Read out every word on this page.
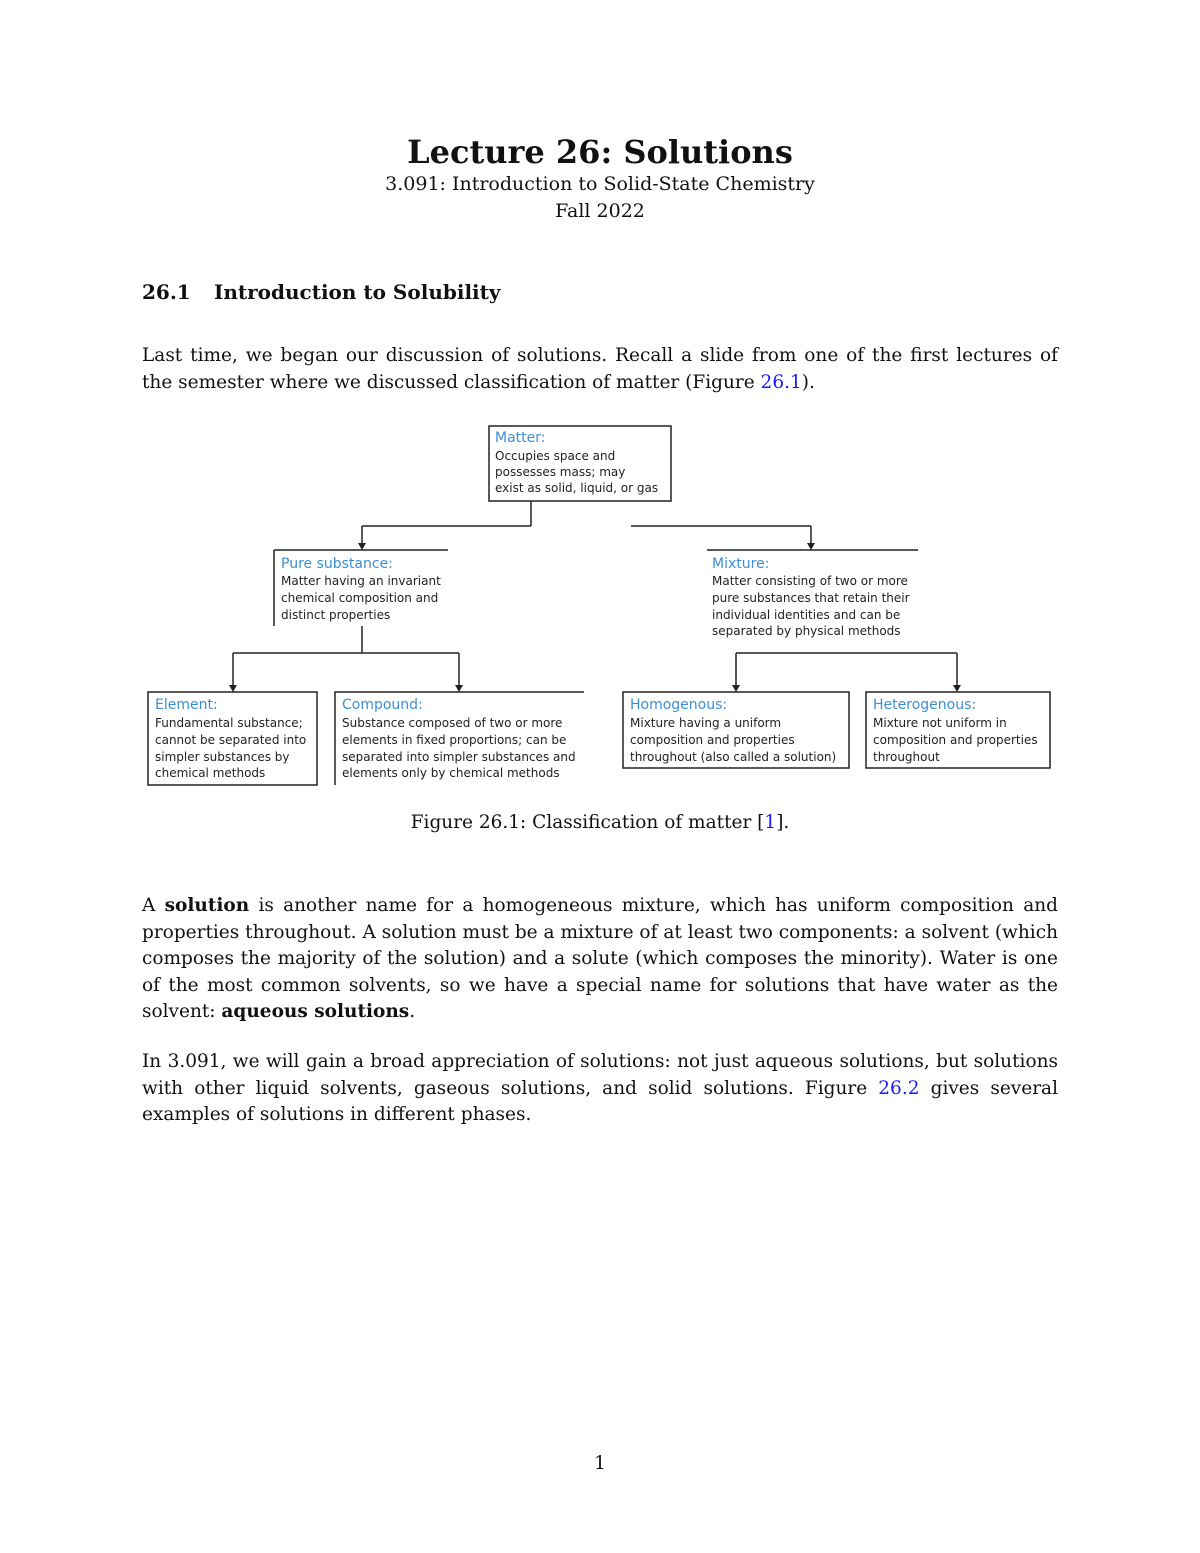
Lecture 26: Solutions
3.091: Introduction to Solid-State Chemistry
Fall 2022
26.1 Introduction to Solubility
Last time, we began our discussion of solutions. Recall a slide from one of the first lectures of the semester where we discussed classification of matter (Figure 26.1).
Matter:
Occupies space and
possesses mass; may
exist as solid, liquid, or gas
Pure substance:
Matter having an invariant
chemical composition and
distinct properties
Mixture:
Matter consisting of two or more
pure substances that retain their
individual identities and can be
separated by physical methods
Element:
Fundamental substance;
cannot be separated into
simpler substances by
chemical methods
Compound:
Substance composed of two or more
elements in fixed proportions; can be
separated into simpler substances and
elements only by chemical methods
Homogenous:
Mixture having a uniform
composition and properties
throughout (also called a solution)
Heterogenous:
Mixture not uniform in
composition and properties
throughout
Figure 26.1: Classification of matter [1].
A solution is another name for a homogeneous mixture, which has uniform composition and properties throughout. A solution must be a mixture of at least two components: a solvent (which composes the majority of the solution) and a solute (which composes the minority). Water is one of the most common solvents, so we have a special name for solutions that have water as the solvent: aqueous solutions.
In 3.091, we will gain a broad appreciation of solutions: not just aqueous solutions, but solutions with other liquid solvents, gaseous solutions, and solid solutions. Figure 26.2 gives several examples of solutions in different phases.
1
